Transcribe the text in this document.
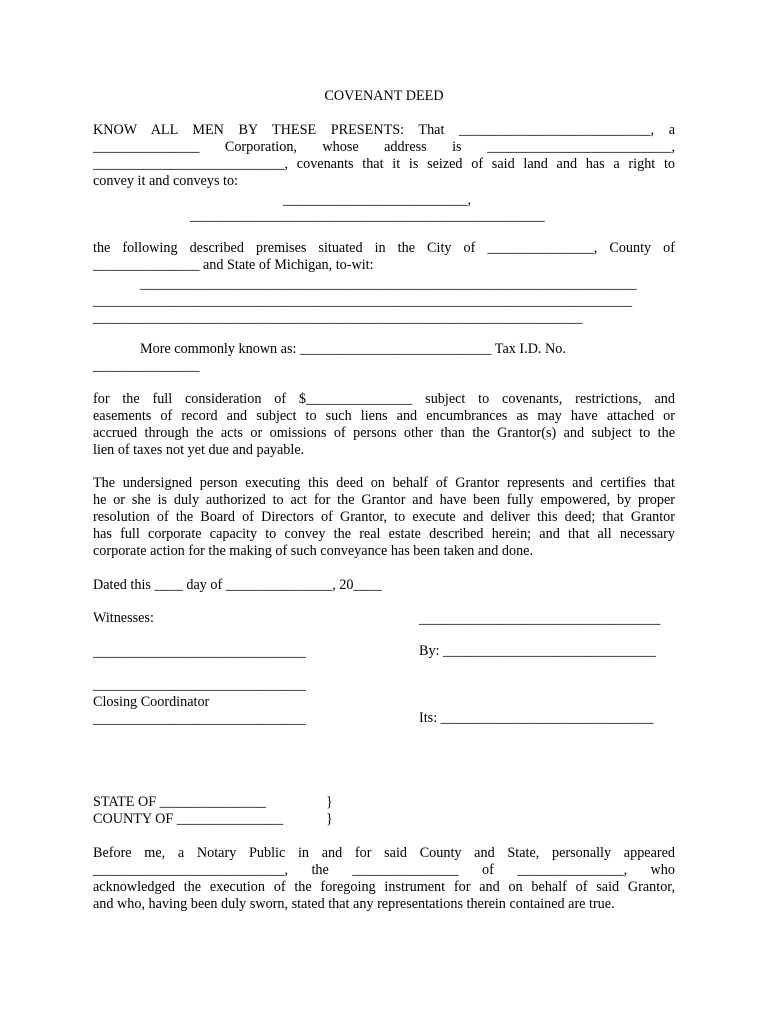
COVENANT DEED
KNOW ALL MEN BY THESE PRESENTS: That ___________________________, a
_______________ Corporation, whose address is __________________________,
___________________________, covenants that it is seized of said land and has a right to
convey it and conveys to:
__________________________,
__________________________________________________
the following described premises situated in the City of _______________, County of
_______________ and State of Michigan, to-wit:
______________________________________________________________________
____________________________________________________________________________
_____________________________________________________________________
More commonly known as: ___________________________ Tax I.D. No.
_______________
for the full consideration of $_______________ subject to covenants, restrictions, and
easements of record and subject to such liens and encumbrances as may have attached or
accrued through the acts or omissions of persons other than the Grantor(s) and subject to the
lien of taxes not yet due and payable.
The undersigned person executing this deed on behalf of Grantor represents and certifies that
he or she is duly authorized to act for the Grantor and have been fully empowered, by proper
resolution of the Board of Directors of Grantor, to execute and deliver this deed; that Grantor
has full corporate capacity to convey the real estate described herein; and that all necessary
corporate action for the making of such conveyance has been taken and done.
Dated this ____ day of _______________, 20____
Witnesses:	__________________________________
______________________________	By: ______________________________
______________________________
Closing Coordinator
______________________________	Its: ______________________________
STATE OF _______________	}
COUNTY OF _______________	}
Before me, a Notary Public in and for said County and State, personally appeared
___________________________, the _______________ of _______________, who
acknowledged the execution of the foregoing instrument for and on behalf of said Grantor,
and who, having been duly sworn, stated that any representations therein contained are true.
